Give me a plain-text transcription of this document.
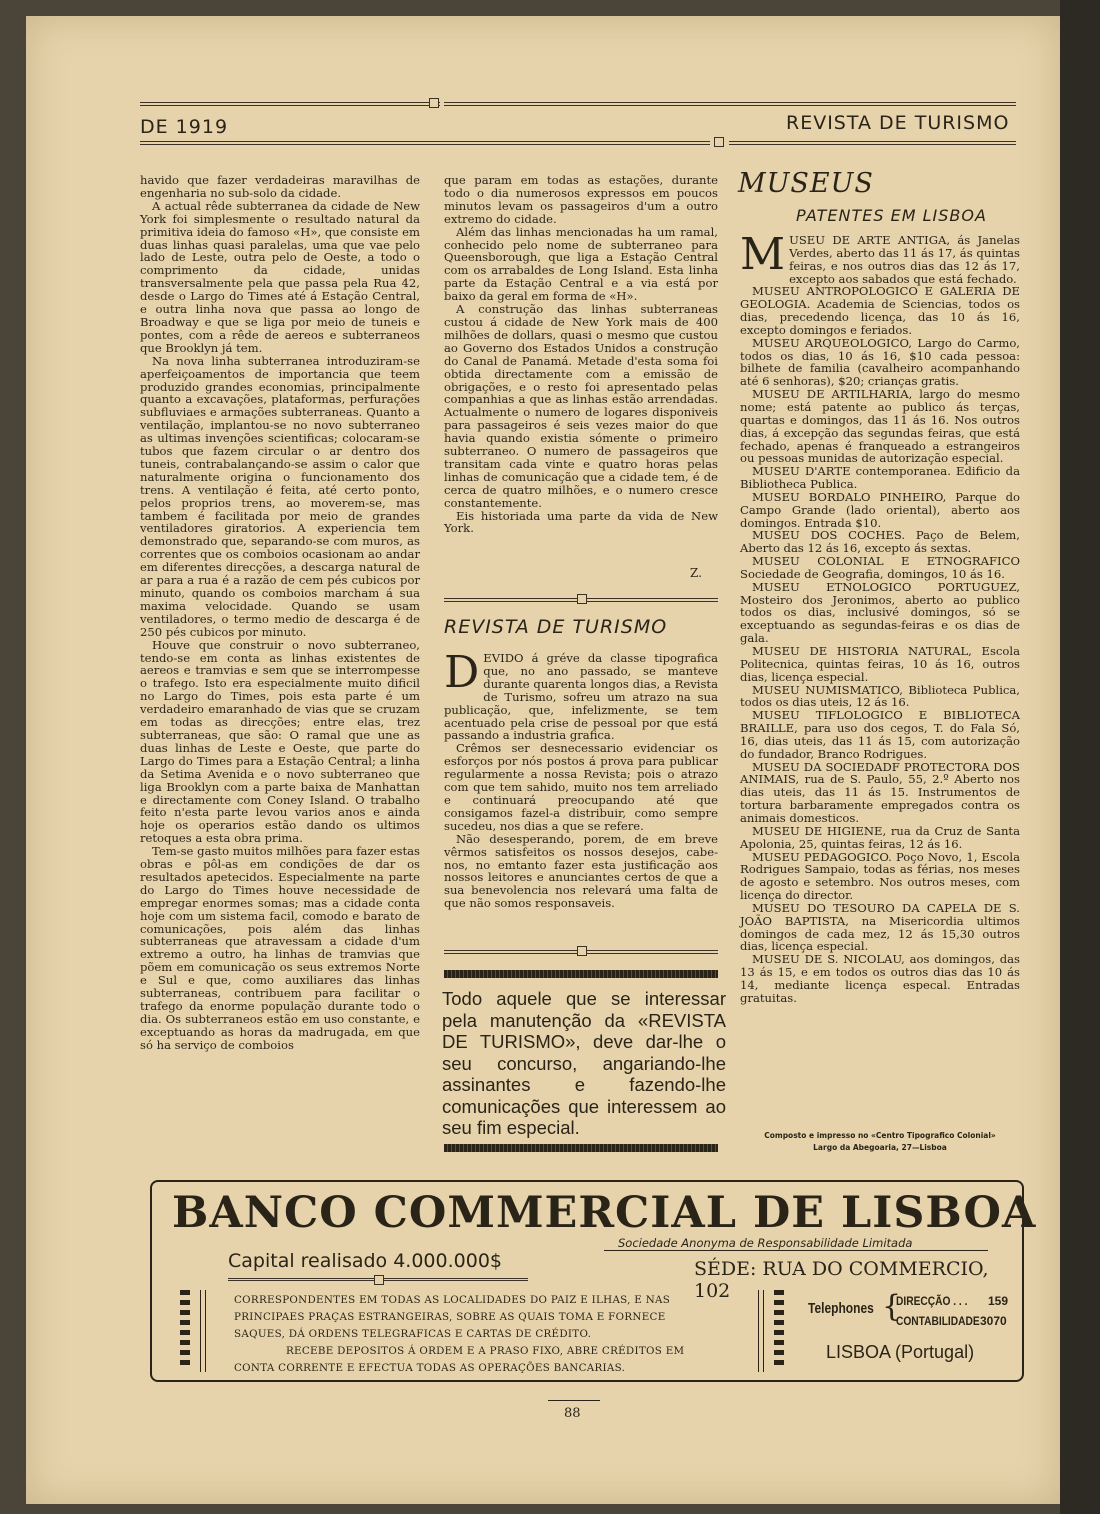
DE 1919	REVISTA DE TURISMO

havido que fazer verdadeiras maravilhas de engenharia no sub-solo da cidade.

A actual rêde subterranea da cidade de New York foi simplesmente o resultado natural da primitiva ideia do famoso «H», que consiste em duas linhas quasi paralelas, uma que vae pelo lado de Leste, outra pelo de Oeste, a todo o comprimento da cidade, unidas transversalmente pela que passa pela Rua 42, desde o Largo do Times até á Estação Central, e outra linha nova que passa ao longo de Broadway e que se liga por meio de tuneis e pontes, com a rêde de aereos e subterraneos que Brooklyn já tem.

Na nova linha subterranea introduziram-se aperfeiçoamentos de importancia que teem produzido grandes economias, principalmente quanto a excavações, plataformas, perfurações subfluviaes e armações subterraneas. Quanto a ventilação, implantou-se no novo subterraneo as ultimas invenções scientificas; colocaram-se tubos que fazem circular o ar dentro dos tuneis, contrabalançando-se assim o calor que naturalmente origina o funcionamento dos trens. A ventilação é feita, até certo ponto, pelos proprios trens, ao moverem-se, mas tambem é facilitada por meio de grandes ventiladores giratorios. A experiencia tem demonstrado que, separando-se com muros, as correntes que os comboios ocasionam ao andar em diferentes direcções, a descarga natural de ar para a rua é a razão de cem pés cubicos por minuto, quando os comboios marcham á sua maxima velocidade. Quando se usam ventiladores, o termo medio de descarga é de 250 pés cubicos por minuto.

Houve que construir o novo subterraneo, tendo-se em conta as linhas existentes de aereos e tramvias e sem que se interrompesse o trafego. Isto era especialmente muito dificil no Largo do Times, pois esta parte é um verdadeiro emaranhado de vias que se cruzam em todas as direcções; entre elas, trez subterraneas, que são: O ramal que une as duas linhas de Leste e Oeste, que parte do Largo do Times para a Estação Central; a linha da Setima Avenida e o novo subterraneo que liga Brooklyn com a parte baixa de Manhattan e directamente com Coney Island. O trabalho feito n'esta parte levou varios anos e ainda hoje os operarios estão dando os ultimos retoques a esta obra prima.

Tem-se gasto muitos milhões para fazer estas obras e pôl-as em condições de dar os resultados apetecidos. Especialmente na parte do Largo do Times houve necessidade de empregar enormes somas; mas a cidade conta hoje com um sistema facil, comodo e barato de comunicações, pois além das linhas subterraneas que atravessam a cidade d'um extremo a outro, ha linhas de tramvias que põem em comunicação os seus extremos Norte e Sul e que, como auxiliares das linhas subterraneas, contribuem para facilitar o trafego da enorme população durante todo o dia. Os subterraneos estão em uso constante, e exceptuando as horas da madrugada, em que só ha serviço de comboios

que param em todas as estações, durante todo o dia numerosos expressos em poucos minutos levam os passageiros d'um a outro extremo do cidade.

Além das linhas mencionadas ha um ramal, conhecido pelo nome de subterraneo para Queensborough, que liga a Estação Central com os arrabaldes de Long Island. Esta linha parte da Estação Central e a via está por baixo da geral em forma de «H».

A construção das linhas subterraneas custou á cidade de New York mais de 400 milhões de dollars, quasi o mesmo que custou ao Governo dos Estados Unidos a construção do Canal de Panamá. Metade d'esta soma foi obtida directamente com a emissão de obrigações, e o resto foi apresentado pelas companhias a que as linhas estão arrendadas. Actualmente o numero de logares disponiveis para passageiros é seis vezes maior do que havia quando existia sómente o primeiro subterraneo. O numero de passageiros que transitam cada vinte e quatro horas pelas linhas de comunicação que a cidade tem, é de cerca de quatro milhões, e o numero cresce constantemente.

Eis historiada uma parte da vida de New York.

Z.
REVISTA DE TURISMO

DEVIDO á gréve da classe tipografica que, no ano passado, se manteve durante quarenta longos dias, a Revista de Turismo, sofreu um atrazo na sua publicação, que, infelizmente, se tem acentuado pela crise de pessoal por que está passando a industria grafica.

Crêmos ser desnecessario evidenciar os esforços por nós postos á prova para publicar regularmente a nossa Revista; pois o atrazo com que tem sahido, muito nos tem arreliado e continuará preocupando até que consigamos fazel-a distribuir, como sempre sucedeu, nos dias a que se refere.

Não desesperando, porem, de em breve vêrmos satisfeitos os nossos desejos, cabe-nos, no emtanto fazer esta justificação aos nossos leitores e anunciantes certos de que a sua benevolencia nos relevará uma falta de que não somos responsaveis.

Todo aquele que se interessar pela manutenção da «REVISTA DE TURISMO», deve dar-lhe o seu concurso, angariando-lhe assinantes e fazendo-lhe comunicações que interessem ao seu fim especial.
MUSEUS
PATENTES EM LISBOA

MUSEU DE ARTE ANTIGA, ás Janelas Verdes, aberto das 11 ás 17, ás quintas feiras, e nos outros dias das 12 ás 17, excepto aos sabados que está fechado.

MUSEU ANTROPOLOGICO E GALERIA DE GEOLOGIA. Academia de Sciencias, todos os dias, precedendo licença, das 10 ás 16, excepto domingos e feriados.

MUSEU ARQUEOLOGICO, Largo do Carmo, todos os dias, 10 ás 16, $10 cada pessoa: bilhete de familia (cavalheiro acompanhando até 6 senhoras), $20; crianças gratis.

MUSEU DE ARTILHARIA, largo do mesmo nome; está patente ao publico ás terças, quartas e domingos, das 11 ás 16. Nos outros dias, á excepção das segundas feiras, que está fechado, apenas é franqueado a estrangeiros ou pessoas munidas de autorização especial.

MUSEU D'ARTE contemporanea. Edificio da Bibliotheca Publica.

MUSEU BORDALO PINHEIRO, Parque do Campo Grande (lado oriental), aberto aos domingos. Entrada $10.

MUSEU DOS COCHES. Paço de Belem, Aberto das 12 ás 16, excepto ás sextas.

MUSEU COLONIAL E ETNOGRAFICO Sociedade de Geografia, domingos, 10 ás 16.

MUSEU ETNOLOGICO PORTUGUEZ, Mosteiro dos Jeronimos, aberto ao publico todos os dias, inclusivé domingos, só se exceptuando as segundas-feiras e os dias de gala.

MUSEU DE HISTORIA NATURAL, Escola Politecnica, quintas feiras, 10 ás 16, outros dias, licença especial.

MUSEU NUMISMATICO, Biblioteca Publica, todos os dias uteis, 12 ás 16.

MUSEU TIFLOLOGICO E BIBLIOTECA BRAILLE, para uso dos cegos, T. do Fala Só, 16, dias uteis, das 11 ás 15, com autorização do fundador, Branco Rodrigues.

MUSEU DA SOCIEDADF PROTECTORA DOS ANIMAIS, rua de S. Paulo, 55, 2.º Aberto nos dias uteis, das 11 ás 15. Instrumentos de tortura barbaramente empregados contra os animais domesticos.

MUSEU DE HIGIENE, rua da Cruz de Santa Apolonia, 25, quintas feiras, 12 ás 16.

MUSEU PEDAGOGICO. Poço Novo, 1, Escola Rodrigues Sampaio, todas as férias, nos meses de agosto e setembro. Nos outros meses, com licença do director.

MUSEU DO TESOURO DA CAPELA DE S. JOÃO BAPTISTA, na Misericordia ultimos domingos de cada mez, 12 ás 15,30 outros dias, licença especial.

MUSEU DE S. NICOLAU, aos domingos, das 13 ás 15, e em todos os outros dias das 10 ás 14, mediante licença especal. Entradas gratuitas.

Composto e impresso no «Centro Tipografico Colonial»
Largo da Abegoaria, 27—Lisboa
BANCO COMMERCIAL DE LISBOA
Sociedade Anonyma de Responsabilidade Limitada
Capital realisado 4.000.000$	SÉDE: RUA DO COMMERCIO, 102
CORRESPONDENTES EM TODAS AS LOCALIDADES DO PAIZ E ILHAS, E NAS
PRINCIPAES PRAÇAS ESTRANGEIRAS, SOBRE AS QUAIS TOMA E FORNECE
SAQUES, DÁ ORDENS TELEGRAFICAS E CARTAS DE CRÉDITO.
RECEBE DEPOSITOS Á ORDEM E A PRASO FIXO, ABRE CRÉDITOS EM
CONTA CORRENTE E EFECTUA TODAS AS OPERAÇÕES BANCARIAS.
Telephones {
DIRECÇÃO . . . 159
CONTABILIDADE 3070
LISBOA (Portugal)
88
